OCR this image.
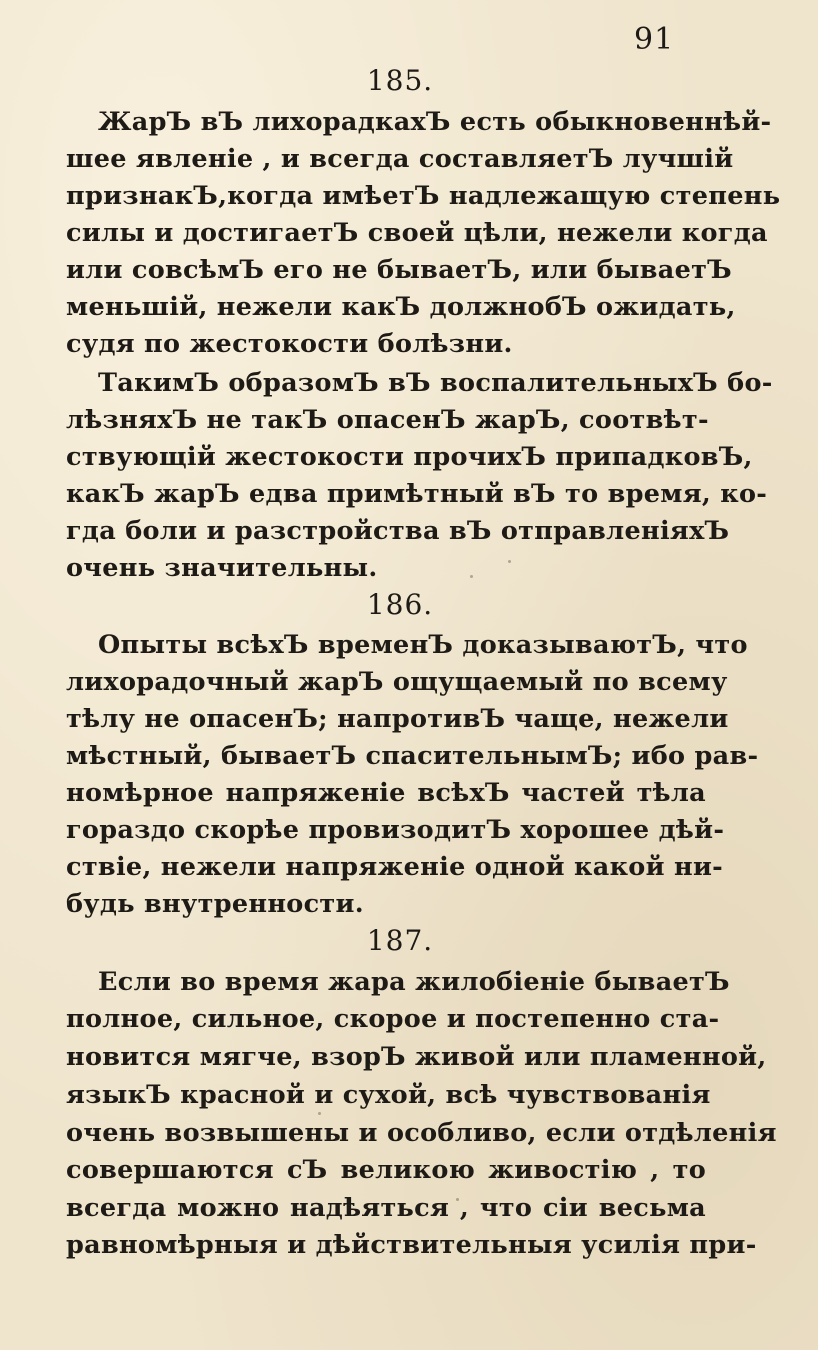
91
185.
ЖарЪ вЪ лихорадкахЪ есть обыкновеннѣй-
шее явленіе , и всегда составляетЪ лучшій
признакЪ,когда имѣетЪ надлежащую степень
силы и достигаетЪ своей цѣли, нежели когда
или совсѣмЪ его не бываетЪ, или бываетЪ
меньшій, нежели какЪ должнобЪ ожидать,
судя по жестокости болѣзни.
ТакимЪ образомЪ вЪ воспалительныхЪ бо-
лѣзняхЪ не такЪ опасенЪ жарЪ, соотвѣт-
ствующій жестокости прочихЪ припадковЪ,
какЪ жарЪ едва примѣтный вЪ то время, ко-
гда боли и разстройства вЪ отправленіяхЪ
очень значительны.
186.
Опыты всѣхЪ временЪ доказываютЪ, что
лихорадочный жарЪ ощущаемый по всему
тѣлу не опасенЪ; напротивЪ чаще, нежели
мѣстный, бываетЪ спасительнымЪ; ибо рав-
номѣрное напряженіе всѣхЪ частей тѣла
гораздо скорѣе провизодитЪ хорошее дѣй-
ствіе, нежели напряженіе одной какой ни-
будь внутренности.
187.
Если во время жара жилобіеніе бываетЪ
полное, сильное, скорое и постепенно ста-
новится мягче, взорЪ живой или пламенной,
языкЪ красной и сухой, всѣ чувствованія
очень возвышены и особливо, если отдѣленія
совершаются сЪ великою живостію , то
всегда можно надѣяться , что сіи весьма
равномѣрныя и дѣйствительныя усилія при-
